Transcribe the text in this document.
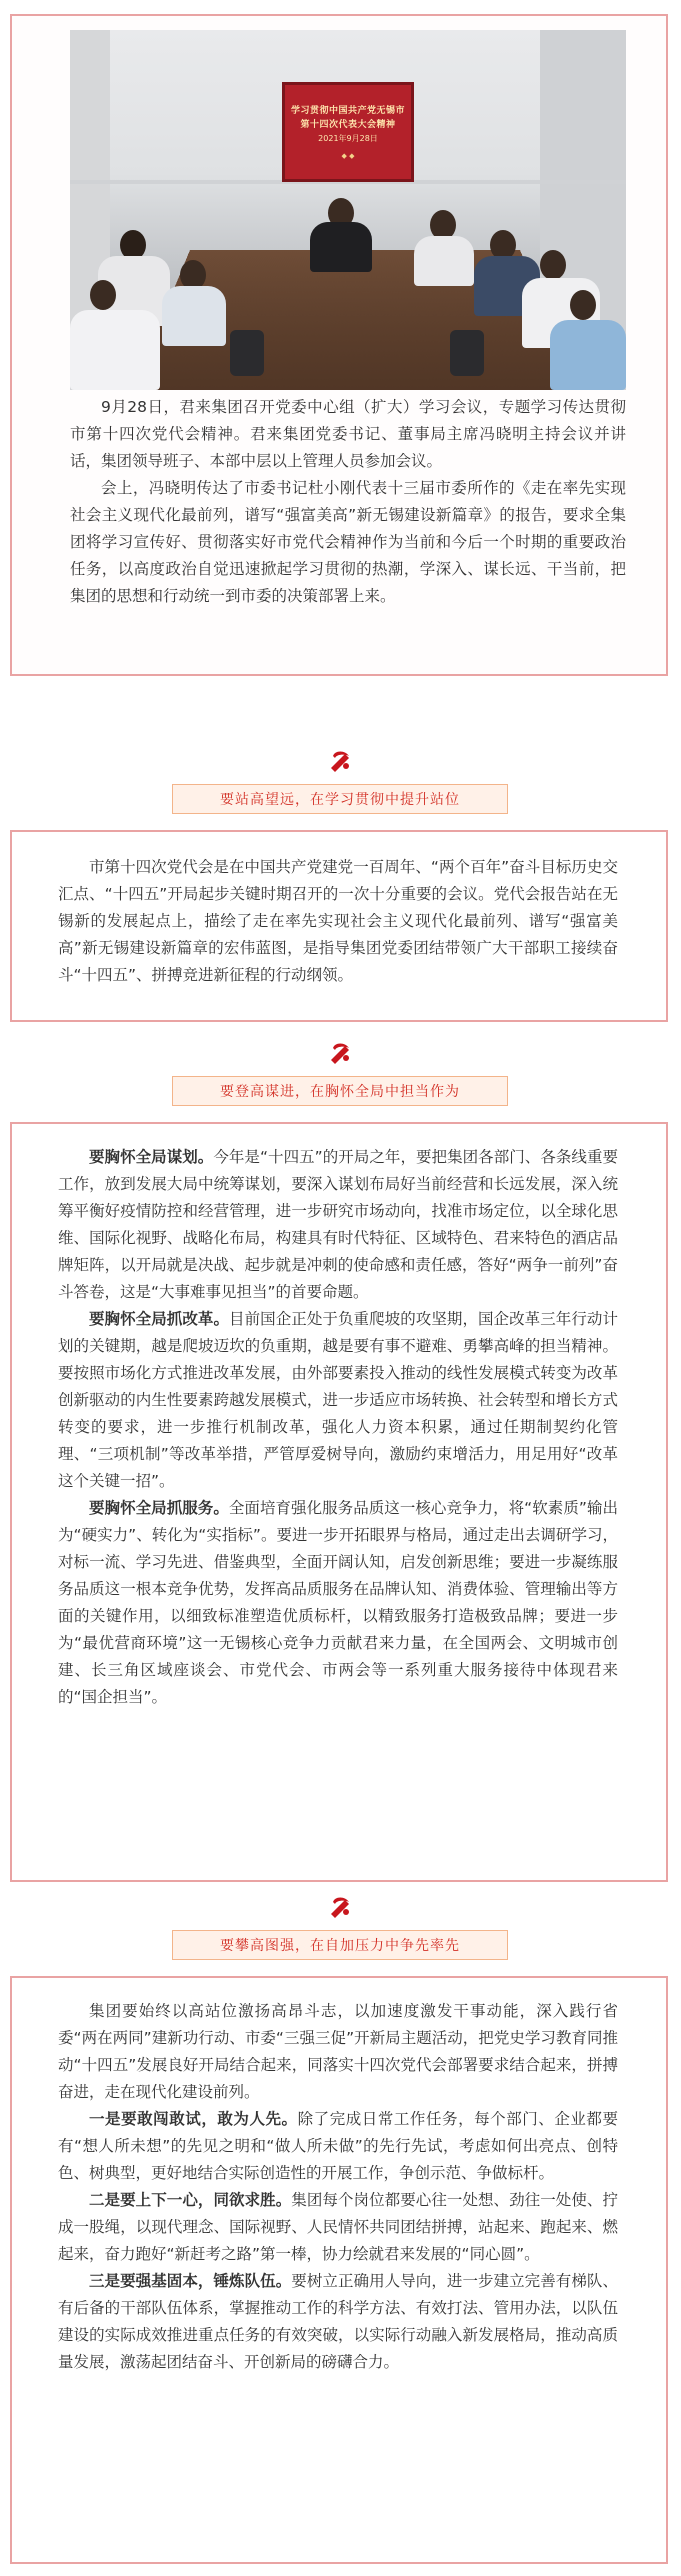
学习贯彻中国共产党无锡市
第十四次代表大会精神
2021年9月28日
◆ ◆

9月28日，君来集团召开党委中心组（扩大）学习会议，专题学习传达贯彻市第十四次党代会精神。君来集团党委书记、董事局主席冯晓明主持会议并讲话，集团领导班子、本部中层以上管理人员参加会议。

会上，冯晓明传达了市委书记杜小刚代表十三届市委所作的《走在率先实现社会主义现代化最前列，谱写“强富美高”新无锡建设新篇章》的报告，要求全集团将学习宣传好、贯彻落实好市党代会精神作为当前和今后一个时期的重要政治任务，以高度政治自觉迅速掀起学习贯彻的热潮，学深入、谋长远、干当前，把集团的思想和行动统一到市委的决策部署上来。

要站高望远，在学习贯彻中提升站位

市第十四次党代会是在中国共产党建党一百周年、“两个百年”奋斗目标历史交汇点、“十四五”开局起步关键时期召开的一次十分重要的会议。党代会报告站在无锡新的发展起点上，描绘了走在率先实现社会主义现代化最前列、谱写“强富美高”新无锡建设新篇章的宏伟蓝图，是指导集团党委团结带领广大干部职工接续奋斗“十四五”、拼搏竞进新征程的行动纲领。

要登高谋进，在胸怀全局中担当作为

要胸怀全局谋划。今年是“十四五”的开局之年，要把集团各部门、各条线重要工作，放到发展大局中统筹谋划，要深入谋划布局好当前经营和长远发展，深入统筹平衡好疫情防控和经营管理，进一步研究市场动向，找准市场定位，以全球化思维、国际化视野、战略化布局，构建具有时代特征、区域特色、君来特色的酒店品牌矩阵，以开局就是决战、起步就是冲刺的使命感和责任感，答好“两争一前列”奋斗答卷，这是“大事难事见担当”的首要命题。

要胸怀全局抓改革。目前国企正处于负重爬坡的攻坚期，国企改革三年行动计划的关键期，越是爬坡迈坎的负重期，越是要有事不避难、勇攀高峰的担当精神。要按照市场化方式推进改革发展，由外部要素投入推动的线性发展模式转变为改革创新驱动的内生性要素跨越发展模式，进一步适应市场转换、社会转型和增长方式转变的要求，进一步推行机制改革，强化人力资本积累，通过任期制契约化管理、“三项机制”等改革举措，严管厚爱树导向，激励约束增活力，用足用好“改革这个关键一招”。

要胸怀全局抓服务。全面培育强化服务品质这一核心竞争力，将“软素质”输出为“硬实力”、转化为“实指标”。要进一步开拓眼界与格局，通过走出去调研学习，对标一流、学习先进、借鉴典型，全面开阔认知，启发创新思维；要进一步凝练服务品质这一根本竞争优势，发挥高品质服务在品牌认知、消费体验、管理输出等方面的关键作用，以细致标准塑造优质标杆，以精致服务打造极致品牌；要进一步为“最优营商环境”这一无锡核心竞争力贡献君来力量，在全国两会、文明城市创建、长三角区域座谈会、市党代会、市两会等一系列重大服务接待中体现君来的“国企担当”。

要攀高图强，在自加压力中争先率先

集团要始终以高站位激扬高昂斗志，以加速度激发干事动能，深入践行省委“两在两同”建新功行动、市委“三强三促”开新局主题活动，把党史学习教育同推动“十四五”发展良好开局结合起来，同落实十四次党代会部署要求结合起来，拼搏奋进，走在现代化建设前列。

一是要敢闯敢试，敢为人先。除了完成日常工作任务，每个部门、企业都要有“想人所未想”的先见之明和“做人所未做”的先行先试，考虑如何出亮点、创特色、树典型，更好地结合实际创造性的开展工作，争创示范、争做标杆。

二是要上下一心，同欲求胜。集团每个岗位都要心往一处想、劲往一处使、拧成一股绳，以现代理念、国际视野、人民情怀共同团结拼搏，站起来、跑起来、燃起来，奋力跑好“新赶考之路”第一棒，协力绘就君来发展的“同心圆”。

三是要强基固本，锤炼队伍。要树立正确用人导向，进一步建立完善有梯队、有后备的干部队伍体系，掌握推动工作的科学方法、有效打法、管用办法，以队伍建设的实际成效推进重点任务的有效突破，以实际行动融入新发展格局，推动高质量发展，激荡起团结奋斗、开创新局的磅礴合力。
